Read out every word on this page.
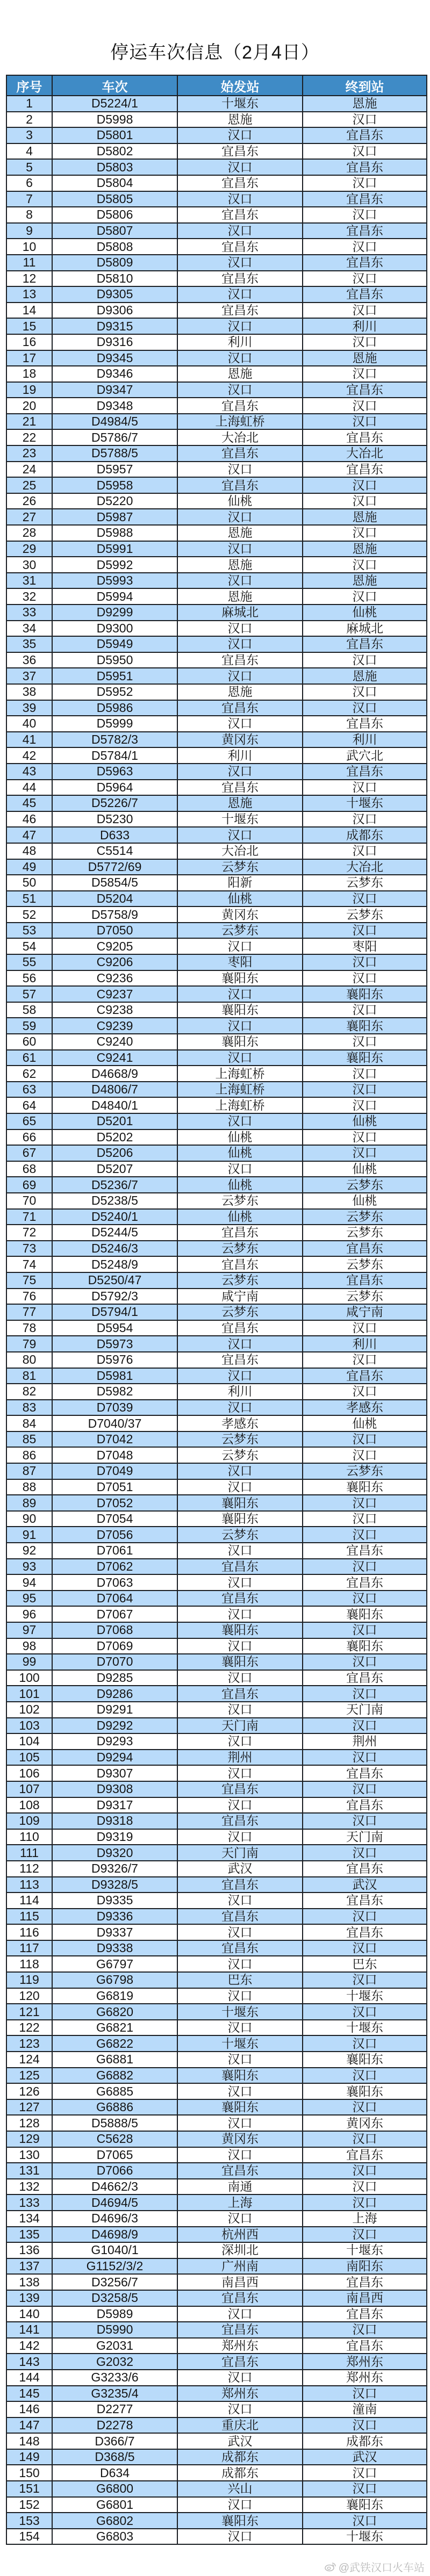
停运车次信息（2月4日）
序号	车次	始发站	终到站
1	D5224/1	十堰东	恩施
2	D5998	恩施	汉口
3	D5801	汉口	宜昌东
4	D5802	宜昌东	汉口
5	D5803	汉口	宜昌东
6	D5804	宜昌东	汉口
7	D5805	汉口	宜昌东
8	D5806	宜昌东	汉口
9	D5807	汉口	宜昌东
10	D5808	宜昌东	汉口
11	D5809	汉口	宜昌东
12	D5810	宜昌东	汉口
13	D9305	汉口	宜昌东
14	D9306	宜昌东	汉口
15	D9315	汉口	利川
16	D9316	利川	汉口
17	D9345	汉口	恩施
18	D9346	恩施	汉口
19	D9347	汉口	宜昌东
20	D9348	宜昌东	汉口
21	D4984/5	上海虹桥	汉口
22	D5786/7	大冶北	宜昌东
23	D5788/5	宜昌东	大冶北
24	D5957	汉口	宜昌东
25	D5958	宜昌东	汉口
26	D5220	仙桃	汉口
27	D5987	汉口	恩施
28	D5988	恩施	汉口
29	D5991	汉口	恩施
30	D5992	恩施	汉口
31	D5993	汉口	恩施
32	D5994	恩施	汉口
33	D9299	麻城北	仙桃
34	D9300	汉口	麻城北
35	D5949	汉口	宜昌东
36	D5950	宜昌东	汉口
37	D5951	汉口	恩施
38	D5952	恩施	汉口
39	D5986	宜昌东	汉口
40	D5999	汉口	宜昌东
41	D5782/3	黄冈东	利川
42	D5784/1	利川	武穴北
43	D5963	汉口	宜昌东
44	D5964	宜昌东	汉口
45	D5226/7	恩施	十堰东
46	D5230	十堰东	汉口
47	D633	汉口	成都东
48	C5514	大冶北	汉口
49	D5772/69	云梦东	大冶北
50	D5854/5	阳新	云梦东
51	D5204	仙桃	汉口
52	D5758/9	黄冈东	云梦东
53	D7050	云梦东	汉口
54	C9205	汉口	枣阳
55	C9206	枣阳	汉口
56	C9236	襄阳东	汉口
57	C9237	汉口	襄阳东
58	C9238	襄阳东	汉口
59	C9239	汉口	襄阳东
60	C9240	襄阳东	汉口
61	C9241	汉口	襄阳东
62	D4668/9	上海虹桥	汉口
63	D4806/7	上海虹桥	汉口
64	D4840/1	上海虹桥	汉口
65	D5201	汉口	仙桃
66	D5202	仙桃	汉口
67	D5206	仙桃	汉口
68	D5207	汉口	仙桃
69	D5236/7	仙桃	云梦东
70	D5238/5	云梦东	仙桃
71	D5240/1	仙桃	云梦东
72	D5244/5	宜昌东	云梦东
73	D5246/3	云梦东	宜昌东
74	D5248/9	宜昌东	云梦东
75	D5250/47	云梦东	宜昌东
76	D5792/3	咸宁南	云梦东
77	D5794/1	云梦东	咸宁南
78	D5954	宜昌东	汉口
79	D5973	汉口	利川
80	D5976	宜昌东	汉口
81	D5981	汉口	宜昌东
82	D5982	利川	汉口
83	D7039	汉口	孝感东
84	D7040/37	孝感东	仙桃
85	D7042	云梦东	汉口
86	D7048	云梦东	汉口
87	D7049	汉口	云梦东
88	D7051	汉口	襄阳东
89	D7052	襄阳东	汉口
90	D7054	襄阳东	汉口
91	D7056	云梦东	汉口
92	D7061	汉口	宜昌东
93	D7062	宜昌东	汉口
94	D7063	汉口	宜昌东
95	D7064	宜昌东	汉口
96	D7067	汉口	襄阳东
97	D7068	襄阳东	汉口
98	D7069	汉口	襄阳东
99	D7070	襄阳东	汉口
100	D9285	汉口	宜昌东
101	D9286	宜昌东	汉口
102	D9291	汉口	天门南
103	D9292	天门南	汉口
104	D9293	汉口	荆州
105	D9294	荆州	汉口
106	D9307	汉口	宜昌东
107	D9308	宜昌东	汉口
108	D9317	汉口	宜昌东
109	D9318	宜昌东	汉口
110	D9319	汉口	天门南
111	D9320	天门南	汉口
112	D9326/7	武汉	宜昌东
113	D9328/5	宜昌东	武汉
114	D9335	汉口	宜昌东
115	D9336	宜昌东	汉口
116	D9337	汉口	宜昌东
117	D9338	宜昌东	汉口
118	G6797	汉口	巴东
119	G6798	巴东	汉口
120	G6819	汉口	十堰东
121	G6820	十堰东	汉口
122	G6821	汉口	十堰东
123	G6822	十堰东	汉口
124	G6881	汉口	襄阳东
125	G6882	襄阳东	汉口
126	G6885	汉口	襄阳东
127	G6886	襄阳东	汉口
128	D5888/5	汉口	黄冈东
129	C5628	黄冈东	汉口
130	D7065	汉口	宜昌东
131	D7066	宜昌东	汉口
132	D4662/3	南通	汉口
133	D4694/5	上海	汉口
134	D4696/3	汉口	上海
135	D4698/9	杭州西	汉口
136	G1040/1	深圳北	十堰东
137	G1152/3/2	广州南	南阳东
138	D3256/7	南昌西	宜昌东
139	D3258/5	宜昌东	南昌西
140	D5989	汉口	宜昌东
141	D5990	宜昌东	汉口
142	G2031	郑州东	宜昌东
143	G2032	宜昌东	郑州东
144	G3233/6	汉口	郑州东
145	G3235/4	郑州东	汉口
146	D2277	汉口	潼南
147	D2278	重庆北	汉口
148	D366/7	武汉	成都东
149	D368/5	成都东	武汉
150	D634	成都东	汉口
151	G6800	兴山	汉口
152	G6801	汉口	襄阳东
153	G6802	襄阳东	汉口
154	G6803	汉口	十堰东
@武铁汉口火车站
